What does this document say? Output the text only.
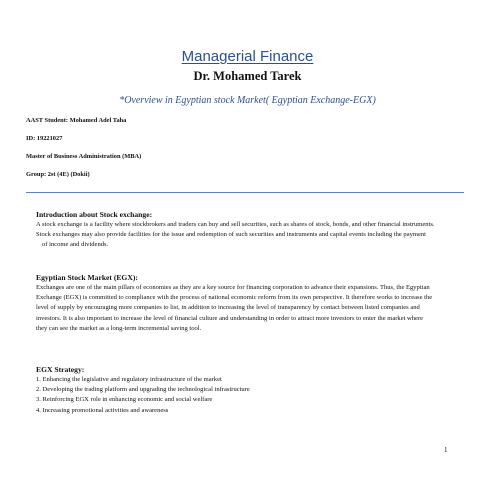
Managerial Finance
Dr. Mohamed Tarek
*Overview in Egyptian stock Market( Egyptian Exchange-EGX)
AAST Student: Mohamed Adel Taha
ID: 19221027
Master of Business Administration (MBA)
Group: 2st (4E) (Dokii)
Introduction about Stock exchange:
A stock exchange is a facility where stockbrokers and traders can buy and sell securities, such as shares of stock, bonds, and other financial instruments.
Stock exchanges may also provide facilities for the issue and redemption of such securities and instruments and capital events including the payment
of income and dividends.
Egyptian Stock Market (EGX):
Exchanges are one of the main pillars of economies as they are a key source for financing corporation to advance their expansions. Thus, the Egyptian
Exchange (EGX) is committed to compliance with the process of national economic reform from its own perspective. It therefore works to increase the
level of supply by encouraging more companies to list, in addition to increasing the level of transparency by contact between listed companies and
investors. It is also important to increase the level of financial culture and understanding in order to attract more investors to enter the market where
they can see the market as a long-term incremental saving tool.
EGX Strategy:
1. Enhancing the legislative and regulatory infrastructure of the market
2. Developing the trading platform and upgrading the technological infrastructure
3. Reinforcing EGX role in enhancing economic and social welfare
4. Increasing promotional activities and awareness
1
